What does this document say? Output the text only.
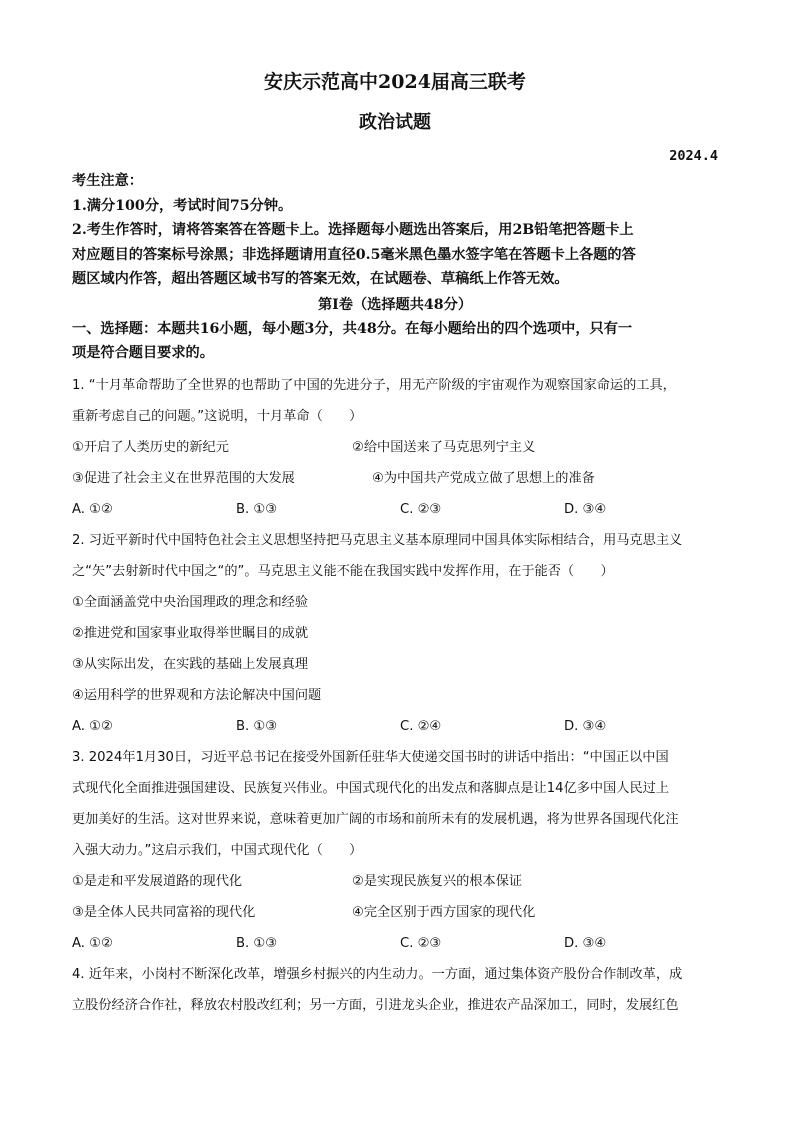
安庆示范高中2024届高三联考

政治试题

2024.4

考生注意：

1.满分100分，考试时间75分钟。

2.考生作答时，请将答案答在答题卡上。选择题每小题选出答案后，用2B铅笔把答题卡上

对应题目的答案标号涂黑；非选择题请用直径0.5毫米黑色墨水签字笔在答题卡上各题的答

题区域内作答，超出答题区域书写的答案无效，在试题卷、草稿纸上作答无效。

第Ⅰ卷（选择题共48分）

一、选择题：本题共16小题，每小题3分，共48分。在每小题给出的四个选项中，只有一

项是符合题目要求的。

1. “十月革命帮助了全世界的也帮助了中国的先进分子，用无产阶级的宇宙观作为观察国家命运的工具，

重新考虑自己的问题。”这说明，十月革命（　　）

①开启了人类历史的新纪元	②给中国送来了马克思列宁主义
③促进了社会主义在世界范围的大发展	④为中国共产党成立做了思想上的准备
A. ①②	B. ①③	C. ②③	D. ③④

2. 习近平新时代中国特色社会主义思想坚持把马克思主义基本原理同中国具体实际相结合，用马克思主义

之“矢”去射新时代中国之“的”。马克思主义能不能在我国实践中发挥作用，在于能否（　　）

①全面涵盖党中央治国理政的理念和经验

②推进党和国家事业取得举世瞩目的成就

③从实际出发，在实践的基础上发展真理

④运用科学的世界观和方法论解决中国问题

A. ①②	B. ①③	C. ②④	D. ③④

3. 2024年1月30日，习近平总书记在接受外国新任驻华大使递交国书时的讲话中指出：“中国正以中国

式现代化全面推进强国建设、民族复兴伟业。中国式现代化的出发点和落脚点是让14亿多中国人民过上

更加美好的生活。这对世界来说，意味着更加广阔的市场和前所未有的发展机遇，将为世界各国现代化注

入强大动力。”这启示我们，中国式现代化（　　）

①是走和平发展道路的现代化	②是实现民族复兴的根本保证
③是全体人民共同富裕的现代化	④完全区别于西方国家的现代化
A. ①②	B. ①③	C. ②③	D. ③④

4. 近年来，小岗村不断深化改革，增强乡村振兴的内生动力。一方面，通过集体资产股份合作制改革，成

立股份经济合作社，释放农村股改红利；另一方面，引进龙头企业，推进农产品深加工，同时，发展红色
